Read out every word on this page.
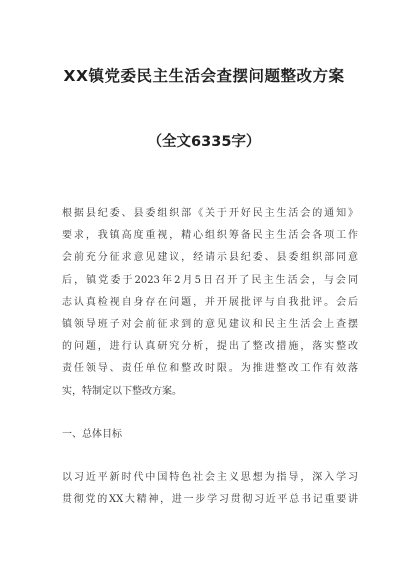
XX镇党委民主生活会查摆问题整改方案
（全文6335字）
根据县纪委、县委组织部《关于开好民主生活会的通知》
要求，我镇高度重视，精心组织筹备民主生活会各项工作
会前充分征求意见建议，经请示县纪委、县委组织部同意
后，镇党委于2023年2月5日召开了民主生活会，与会同
志认真检视自身存在问题，并开展批评与自我批评。会后
镇领导班子对会前征求到的意见建议和民主生活会上查摆
的问题，进行认真研究分析，提出了整改措施，落实整改
责任领导、责任单位和整改时限。为推进整改工作有效落
实，特制定以下整改方案。
一、总体目标
以习近平新时代中国特色社会主义思想为指导，深入学习
贯彻党的XX大精神，进一步学习贯彻习近平总书记重要讲
